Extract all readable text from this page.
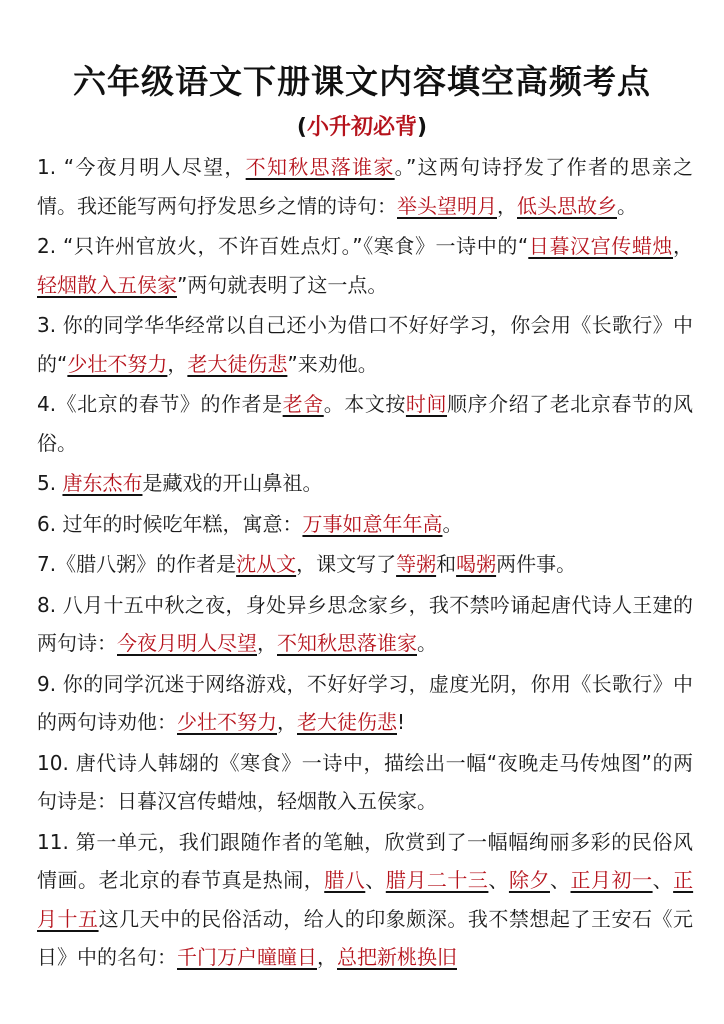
六年级语文下册课文内容填空高频考点
(小升初必背)
1. “今夜月明人尽望，不知秋思落谁家。”这两句诗抒发了作者的思亲之情。我还能写两句抒发思乡之情的诗句：举头望明月，低头思故乡。
2. “只许州官放火，不许百姓点灯。”《寒食》一诗中的“日暮汉宫传蜡烛，轻烟散入五侯家”两句就表明了这一点。
3. 你的同学华华经常以自己还小为借口不好好学习，你会用《长歌行》中的“少壮不努力，老大徒伤悲”来劝他。
4.《北京的春节》的作者是老舍。本文按时间顺序介绍了老北京春节的风俗。
5. 唐东杰布是藏戏的开山鼻祖。
6. 过年的时候吃年糕，寓意：万事如意年年高。
7.《腊八粥》的作者是沈从文，课文写了等粥和喝粥两件事。
8. 八月十五中秋之夜，身处异乡思念家乡，我不禁吟诵起唐代诗人王建的两句诗：今夜月明人尽望，不知秋思落谁家。
9. 你的同学沉迷于网络游戏，不好好学习，虚度光阴，你用《长歌行》中的两句诗劝他：少壮不努力，老大徒伤悲!
10. 唐代诗人韩翃的《寒食》一诗中，描绘出一幅“夜晚走马传烛图”的两句诗是：日暮汉宫传蜡烛，轻烟散入五侯家。
11. 第一单元，我们跟随作者的笔触，欣赏到了一幅幅绚丽多彩的民俗风情画。老北京的春节真是热闹，腊八、腊月二十三、除夕、正月初一、正月十五这几天中的民俗活动，给人的印象颇深。我不禁想起了王安石《元日》中的名句：千门万户曈曈日，总把新桃换旧
